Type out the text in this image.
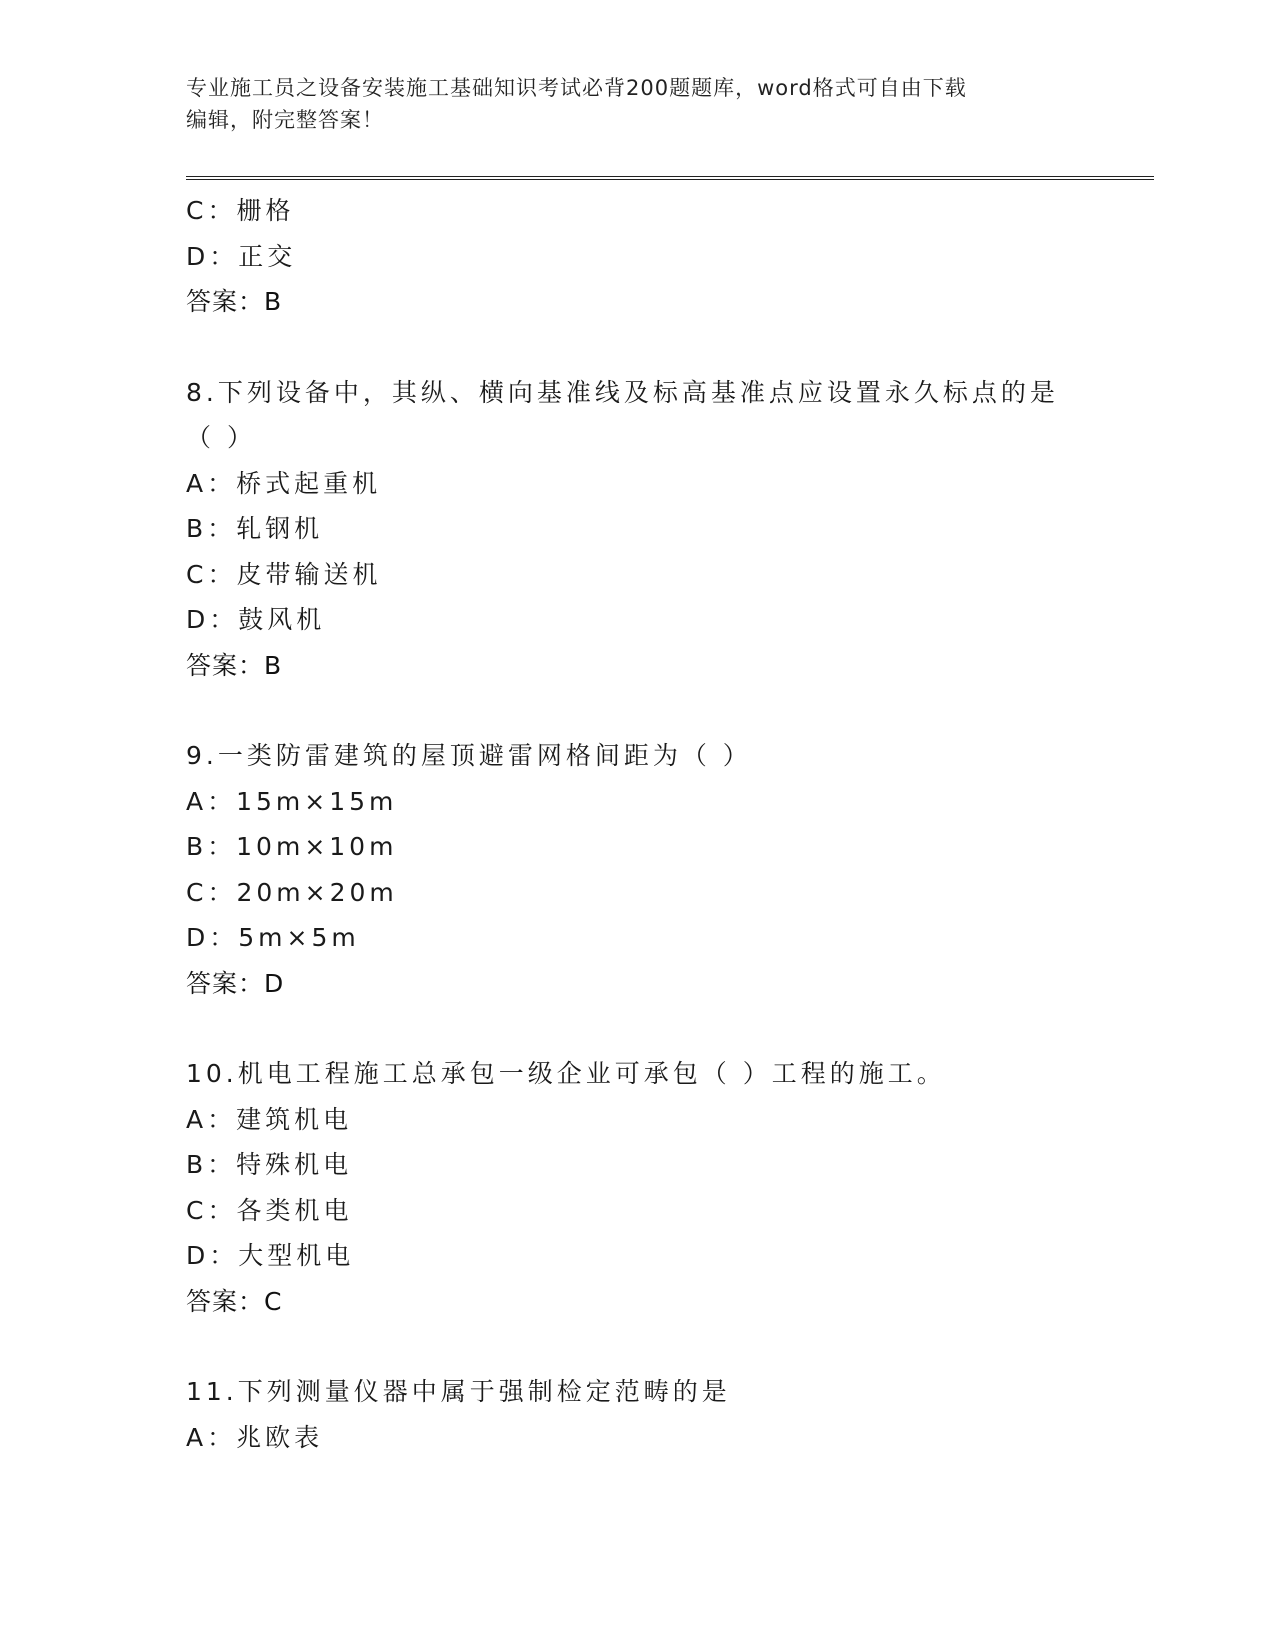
专业施工员之设备安装施工基础知识考试必背200题题库，word格式可自由下载
编辑，附完整答案！
C：栅格
D：正交
答案：B
8.下列设备中，其纵、横向基准线及标高基准点应设置永久标点的是
（ ）
A：桥式起重机
B：轧钢机
C：皮带输送机
D：鼓风机
答案：B
9.一类防雷建筑的屋顶避雷网格间距为（ ）
A：15m×15m
B：10m×10m
C：20m×20m
D：5m×5m
答案：D
10.机电工程施工总承包一级企业可承包（ ）工程的施工。
A：建筑机电
B：特殊机电
C：各类机电
D：大型机电
答案：C
11.下列测量仪器中属于强制检定范畴的是
A：兆欧表
